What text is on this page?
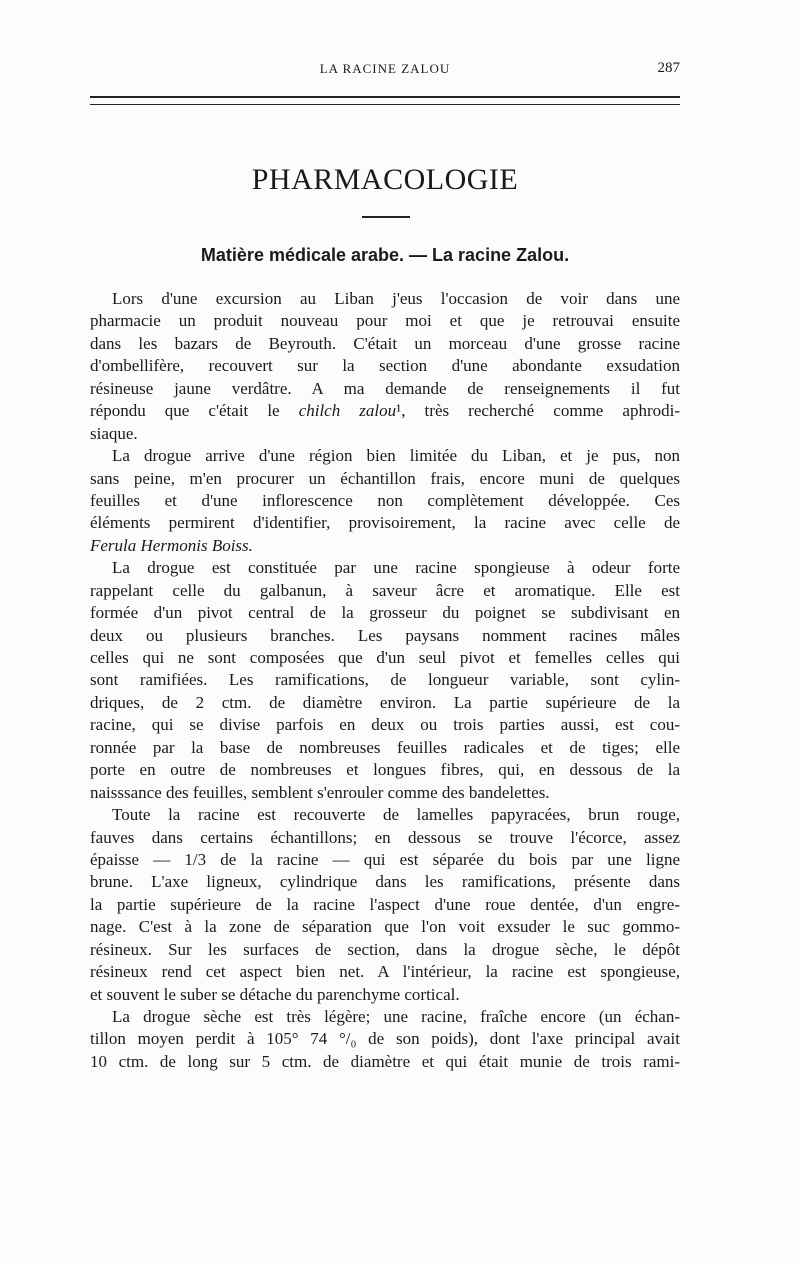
LA RACINE ZALOU	287
PHARMACOLOGIE
Matière médicale arabe. — La racine Zalou.
Lors d'une excursion au Liban j'eus l'occasion de voir dans une
pharmacie un produit nouveau pour moi et que je retrouvai ensuite
dans les bazars de Beyrouth. C'était un morceau d'une grosse racine
d'ombellifère, recouvert sur la section d'une abondante exsudation
résineuse jaune verdâtre. A ma demande de renseignements il fut
répondu que c'était le chilch zalou¹, très recherché comme aphrodi-
siaque.
La drogue arrive d'une région bien limitée du Liban, et je pus, non
sans peine, m'en procurer un échantillon frais, encore muni de quelques
feuilles et d'une inflorescence non complètement développée. Ces
éléments permirent d'identifier, provisoirement, la racine avec celle de
Ferula Hermonis Boiss.
La drogue est constituée par une racine spongieuse à odeur forte
rappelant celle du galbanun, à saveur âcre et aromatique. Elle est
formée d'un pivot central de la grosseur du poignet se subdivisant en
deux ou plusieurs branches. Les paysans nomment racines mâles
celles qui ne sont composées que d'un seul pivot et femelles celles qui
sont ramifiées. Les ramifications, de longueur variable, sont cylin-
driques, de 2 ctm. de diamètre environ. La partie supérieure de la
racine, qui se divise parfois en deux ou trois parties aussi, est cou-
ronnée par la base de nombreuses feuilles radicales et de tiges; elle
porte en outre de nombreuses et longues fibres, qui, en dessous de la
naisssance des feuilles, semblent s'enrouler comme des bandelettes.
Toute la racine est recouverte de lamelles papyracées, brun rouge,
fauves dans certains échantillons; en dessous se trouve l'écorce, assez
épaisse — 1/3 de la racine — qui est séparée du bois par une ligne
brune. L'axe ligneux, cylindrique dans les ramifications, présente dans
la partie supérieure de la racine l'aspect d'une roue dentée, d'un engre-
nage. C'est à la zone de séparation que l'on voit exsuder le suc gommo-
résineux. Sur les surfaces de section, dans la drogue sèche, le dépôt
résineux rend cet aspect bien net. A l'intérieur, la racine est spongieuse,
et souvent le suber se détache du parenchyme cortical.
La drogue sèche est très légère; une racine, fraîche encore (un échan-
tillon moyen perdit à 105° 74 °/₀ de son poids), dont l'axe principal avait
10 ctm. de long sur 5 ctm. de diamètre et qui était munie de trois rami-
